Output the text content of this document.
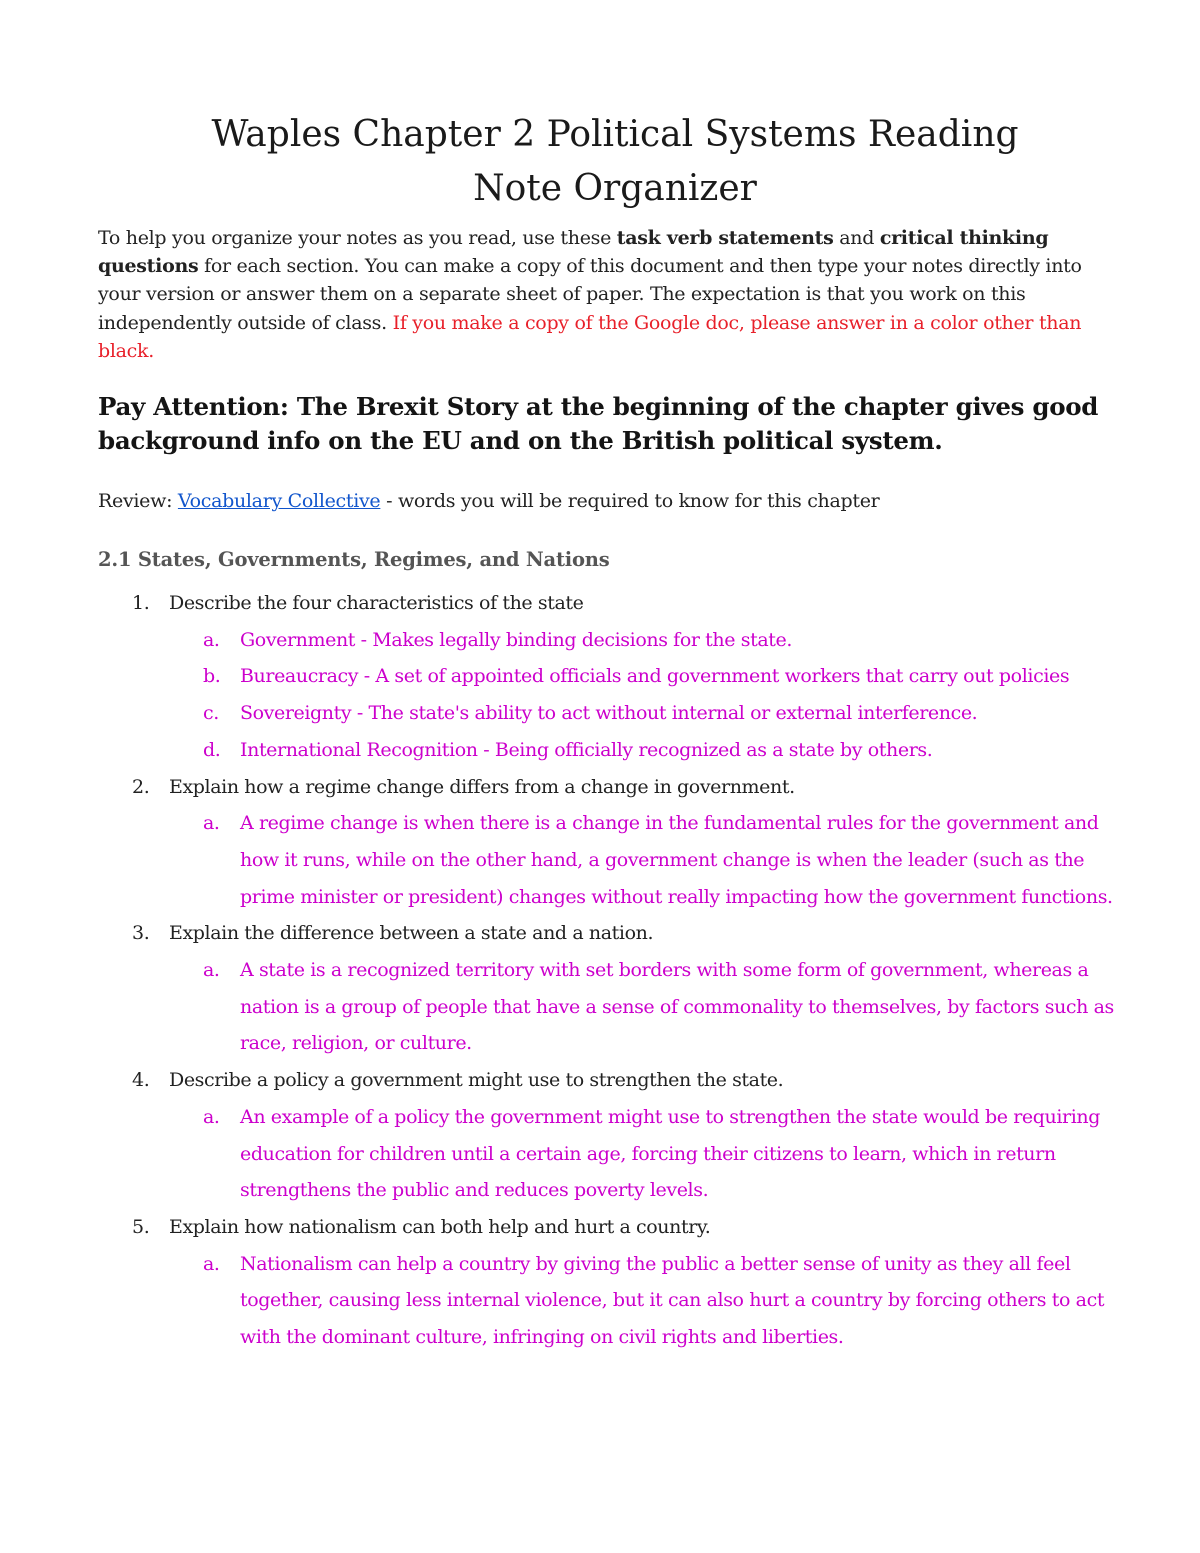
Waples Chapter 2 Political Systems Reading
Note Organizer

To help you organize your notes as you read, use these task verb statements and critical thinking questions for each section. You can make a copy of this document and then type your notes directly into your version or answer them on a separate sheet of paper. The expectation is that you work on this independently outside of class. If you make a copy of the Google doc, please answer in a color other than black.

Pay Attention: The Brexit Story at the beginning of the chapter gives good background info on the EU and on the British political system.

Review: Vocabulary Collective - words you will be required to know for this chapter

2.1 States, Governments, Regimes, and Nations
1. Describe the four characteristics of the state
a. Government - Makes legally binding decisions for the state.
b. Bureaucracy - A set of appointed officials and government workers that carry out policies
c. Sovereignty - The state's ability to act without internal or external interference.
d. International Recognition - Being officially recognized as a state by others.
2. Explain how a regime change differs from a change in government.
a. A regime change is when there is a change in the fundamental rules for the government and how it runs, while on the other hand, a government change is when the leader (such as the prime minister or president) changes without really impacting how the government functions.
3. Explain the difference between a state and a nation.
a. A state is a recognized territory with set borders with some form of government, whereas a nation is a group of people that have a sense of commonality to themselves, by factors such as race, religion, or culture.
4. Describe a policy a government might use to strengthen the state.
a. An example of a policy the government might use to strengthen the state would be requiring education for children until a certain age, forcing their citizens to learn, which in return strengthens the public and reduces poverty levels.
5. Explain how nationalism can both help and hurt a country.
a. Nationalism can help a country by giving the public a better sense of unity as they all feel together, causing less internal violence, but it can also hurt a country by forcing others to act with the dominant culture, infringing on civil rights and liberties.
